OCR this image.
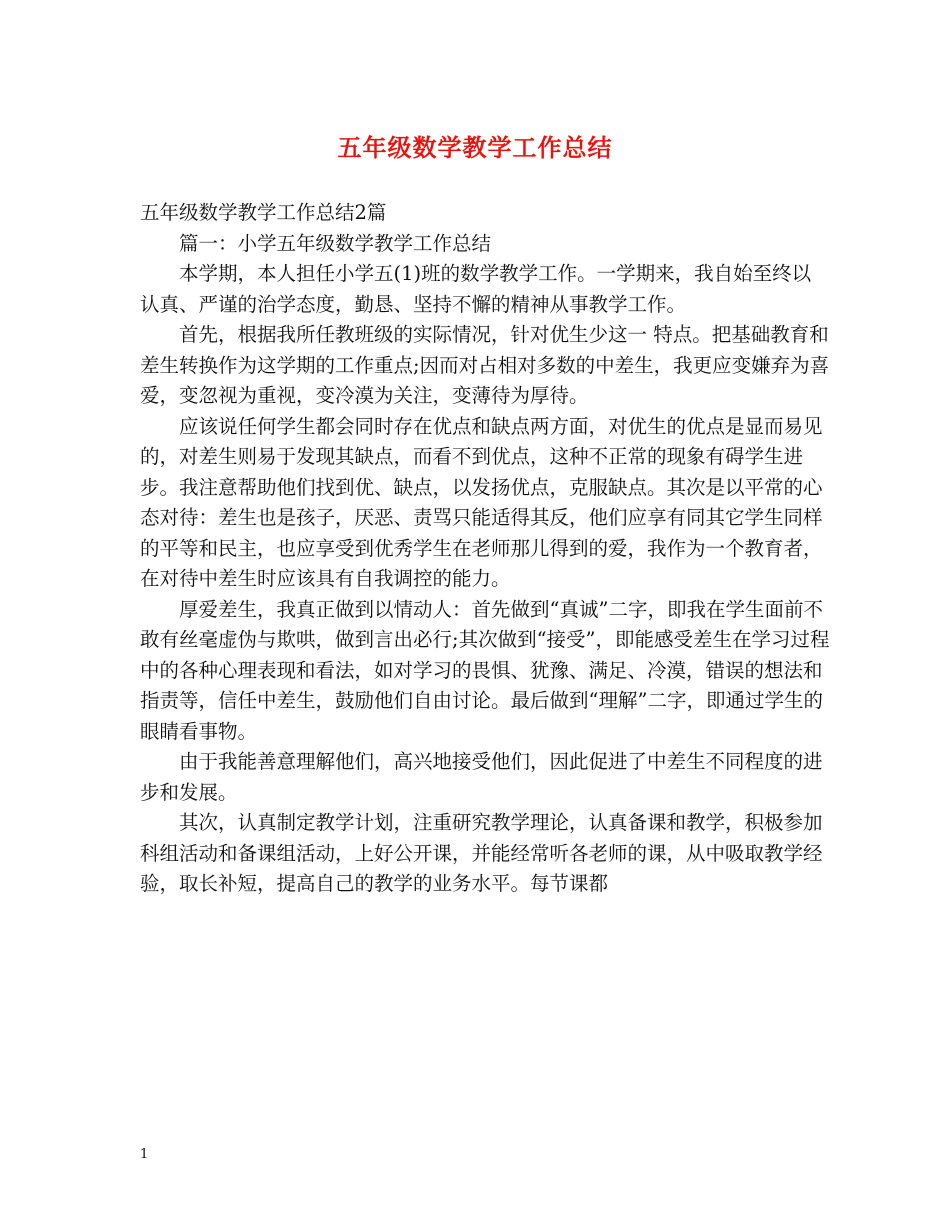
五年级数学教学工作总结

五年级数学教学工作总结2篇

篇一：小学五年级数学教学工作总结

本学期，本人担任小学五(1)班的数学教学工作。一学期来，我自始至终以认真、严谨的治学态度，勤恳、坚持不懈的精神从事教学工作。

首先，根据我所任教班级的实际情况，针对优生少这一 特点。把基础教育和差生转换作为这学期的工作重点;因而对占相对多数的中差生，我更应变嫌弃为喜爱，变忽视为重视，变冷漠为关注，变薄待为厚待。

应该说任何学生都会同时存在优点和缺点两方面，对优生的优点是显而易见的，对差生则易于发现其缺点，而看不到优点，这种不正常的现象有碍学生进步。我注意帮助他们找到优、缺点，以发扬优点，克服缺点。其次是以平常的心态对待：差生也是孩子，厌恶、责骂只能适得其反，他们应享有同其它学生同样的平等和民主，也应享受到优秀学生在老师那儿得到的爱，我作为一个教育者，在对待中差生时应该具有自我调控的能力。

厚爱差生，我真正做到以情动人：首先做到“真诚”二字，即我在学生面前不敢有丝毫虚伪与欺哄，做到言出必行;其次做到“接受”，即能感受差生在学习过程中的各种心理表现和看法，如对学习的畏惧、犹豫、满足、冷漠，错误的想法和指责等，信任中差生，鼓励他们自由讨论。最后做到“理解”二字，即通过学生的眼睛看事物。

由于我能善意理解他们，高兴地接受他们，因此促进了中差生不同程度的进步和发展。

其次，认真制定教学计划，注重研究教学理论，认真备课和教学，积极参加科组活动和备课组活动，上好公开课，并能经常听各老师的课，从中吸取教学经验，取长补短，提高自己的教学的业务水平。每节课都

1
